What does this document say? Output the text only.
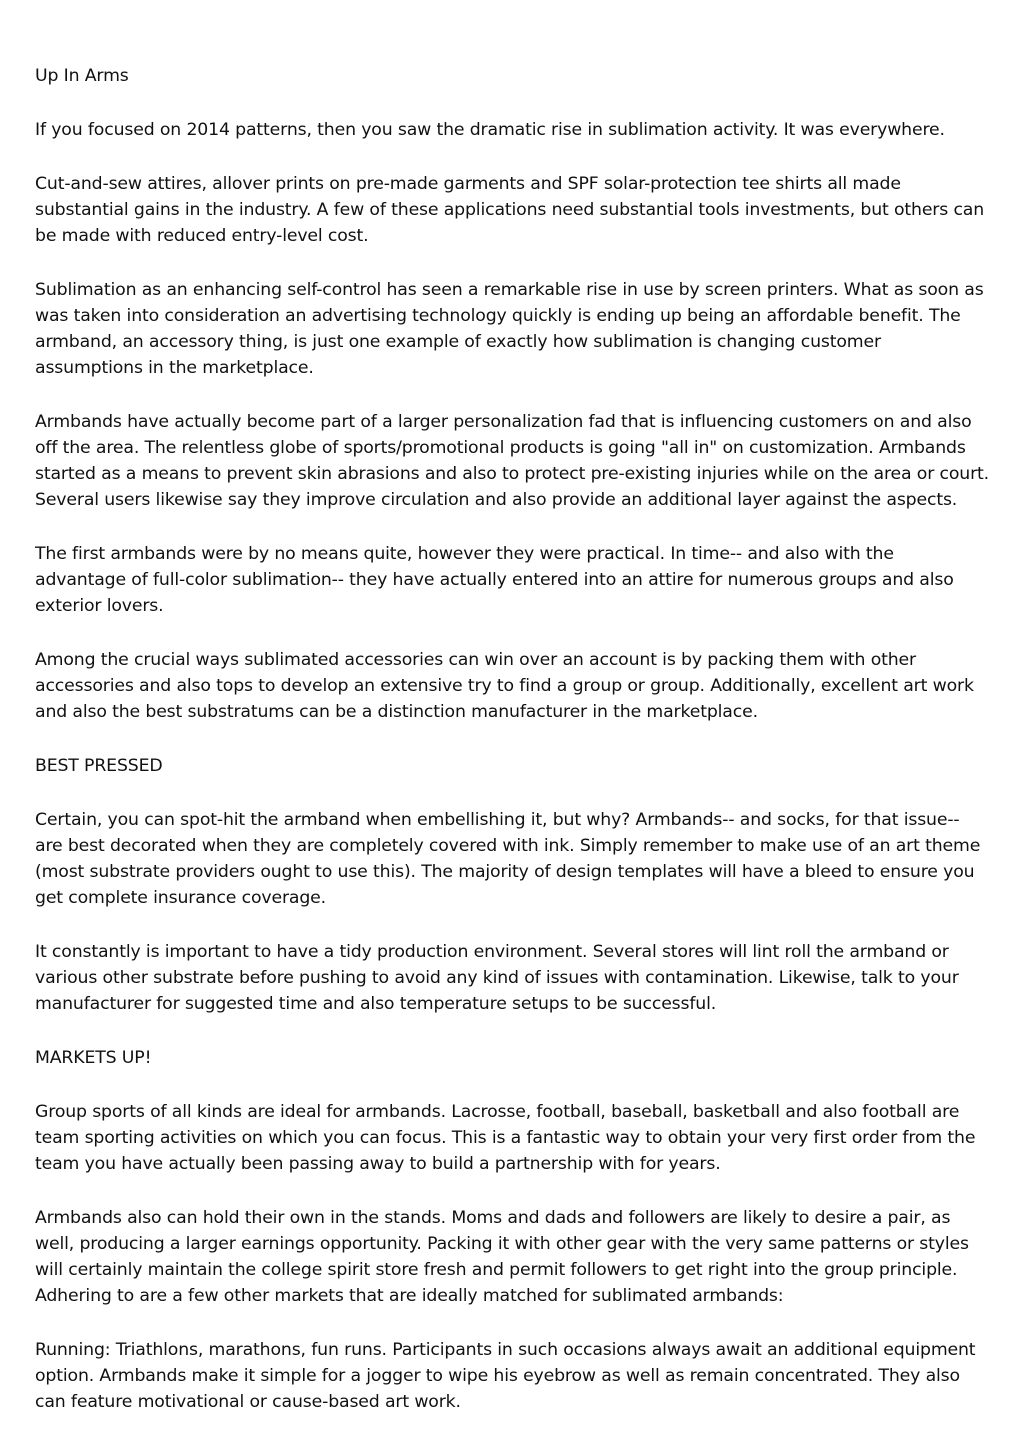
Up In Arms

If you focused on 2014 patterns, then you saw the dramatic rise in sublimation activity. It was everywhere.

Cut-and-sew attires, allover prints on pre-made garments and SPF solar-protection tee shirts all made substantial gains in the industry. A few of these applications need substantial tools investments, but others can be made with reduced entry-level cost.

Sublimation as an enhancing self-control has seen a remarkable rise in use by screen printers. What as soon as was taken into consideration an advertising technology quickly is ending up being an affordable benefit. The armband, an accessory thing, is just one example of exactly how sublimation is changing customer assumptions in the marketplace.

Armbands have actually become part of a larger personalization fad that is influencing customers on and also off the area. The relentless globe of sports/promotional products is going "all in" on customization. Armbands started as a means to prevent skin abrasions and also to protect pre-existing injuries while on the area or court. Several users likewise say they improve circulation and also provide an additional layer against the aspects.

The first armbands were by no means quite, however they were practical. In time-- and also with the advantage of full-color sublimation-- they have actually entered into an attire for numerous groups and also exterior lovers.

Among the crucial ways sublimated accessories can win over an account is by packing them with other accessories and also tops to develop an extensive try to find a group or group. Additionally, excellent art work and also the best substratums can be a distinction manufacturer in the marketplace.

BEST PRESSED

Certain, you can spot-hit the armband when embellishing it, but why? Armbands-- and socks, for that issue-- are best decorated when they are completely covered with ink. Simply remember to make use of an art theme (most substrate providers ought to use this). The majority of design templates will have a bleed to ensure you get complete insurance coverage.

It constantly is important to have a tidy production environment. Several stores will lint roll the armband or various other substrate before pushing to avoid any kind of issues with contamination. Likewise, talk to your manufacturer for suggested time and also temperature setups to be successful.

MARKETS UP!

Group sports of all kinds are ideal for armbands. Lacrosse, football, baseball, basketball and also football are team sporting activities on which you can focus. This is a fantastic way to obtain your very first order from the team you have actually been passing away to build a partnership with for years.

Armbands also can hold their own in the stands. Moms and dads and followers are likely to desire a pair, as well, producing a larger earnings opportunity. Packing it with other gear with the very same patterns or styles will certainly maintain the college spirit store fresh and permit followers to get right into the group principle. Adhering to are a few other markets that are ideally matched for sublimated armbands:

Running: Triathlons, marathons, fun runs. Participants in such occasions always await an additional equipment option. Armbands make it simple for a jogger to wipe his eyebrow as well as remain concentrated. They also can feature motivational or cause-based art work.
